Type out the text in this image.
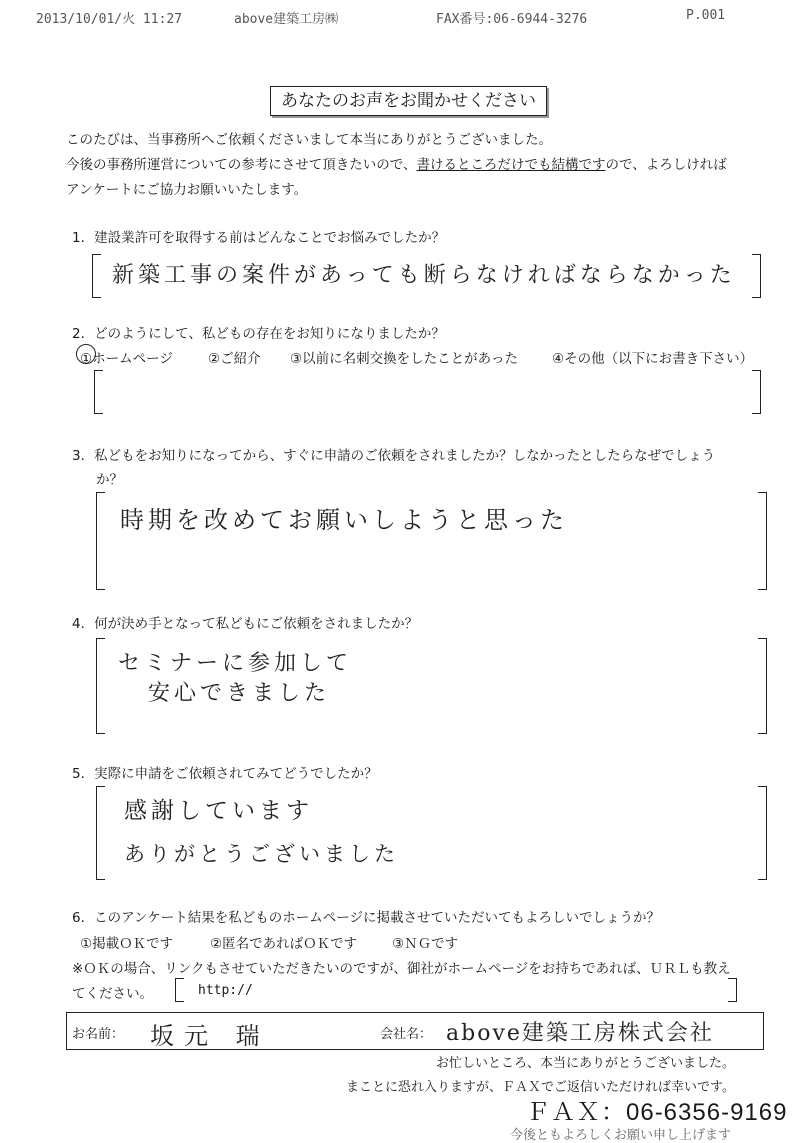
2013/10/01/火 11:27	above建築工房㈱	FAX番号:06-6944-3276	P.001
あなたのお声をお聞かせください
このたびは、当事務所へご依頼くださいまして本当にありがとうございました。
今後の事務所運営についての参考にさせて頂きたいので、書けるところだけでも結構ですので、よろしければ
アンケートにご協力お願いいたします。
1．建設業許可を取得する前はどんなことでお悩みでしたか？
新築工事の案件があっても断らなければならなかった
2．どのようにして、私どもの存在をお知りになりましたか？
①ホームページ	②ご紹介 ③以前に名刺交換をしたことがあった	④その他（以下にお書き下さい）
3．私どもをお知りになってから、すぐに申請のご依頼をされましたか？しなかったとしたらなぜでしょう
か？
時期を改めてお願いしようと思った
4．何が決め手となって私どもにご依頼をされましたか？
セミナーに参加して
安心できました
5．実際に申請をご依頼されてみてどうでしたか？
感謝しています
ありがとうございました
6．このアンケート結果を私どものホームページに掲載させていただいてもよろしいでしょうか？
①掲載ＯＫです	②匿名であればＯＫです	③ＮＧです
※ＯＫの場合、リンクもさせていただきたいのですが、御社がホームページをお持ちであれば、ＵＲＬも教え
てください。	http://
お名前： 坂元 瑞	会社名： above建築工房株式会社
お忙しいところ、本当にありがとうございました。
まことに恐れ入りますが、ＦＡＸでご返信いただければ幸いです。
ＦＡＸ：06-6356-9169
今後ともよろしくお願い申し上げます
